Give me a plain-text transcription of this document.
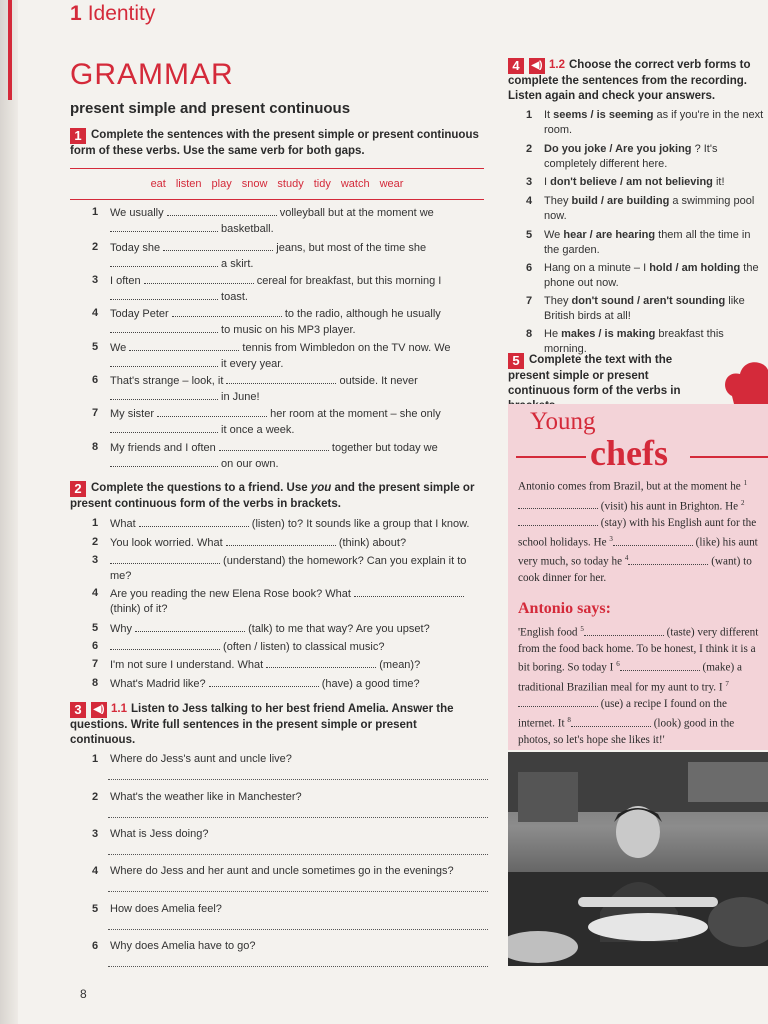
1 Identity
GRAMMAR
present simple and present continuous
1 Complete the sentences with the present simple or present continuous form of these verbs. Use the same verb for both gaps.
eat listen play snow study tidy watch wear
2 Complete the questions to a friend. Use you and the present simple or present continuous form of the verbs in brackets.
3 ◀) 1.1 Listen to Jess talking to her best friend Amelia. Answer the questions. Write full sentences in the present simple or present continuous.
4 ◀) 1.2 Choose the correct verb forms to complete the sentences from the recording. Listen again and check your answers.
5 Complete the text with the present simple or present continuous form of the verbs in
Young
chefs
Antonio comes from Brazil, but at the moment he $^1$ (visit) his aunt in Brighton. He $^2$ (stay) with his English aunt for the school holidays. He $^3$	(like) his aunt very much, so today he $^4$	(want) to cook dinner for her.
Antonio says:
'English food $^5$	(taste) very different from the food back home. To be honest, I think it is a bit boring. So today I $^6$	(make) a traditional Brazilian meal for my aunt to try. I $^7$ (use) a recipe I found on the internet. It $^8$	(look) good in the photos, so let's hope she likes it!'
8
1 We usually	volleyball but at the moment we  basketball.
2 Today she	jeans, but most of the time she  a skirt.
3 I often	cereal for breakfast, but this morning I  toast.
4 Today Peter	to the radio, although he usually  to music on his MP3 player.
5 We	tennis from Wimbledon on the TV now. We  it every year.
6 That's strange – look, it	outside. It never  in June!
7 My sister	her room at the moment – she only  it once a week.
8 My friends and I often	together but today we  on our own.
1 What	(listen) to? It sounds like a group that I know.
2 You look worried. What	(think) about?
3	(understand) the homework? Can you explain it to me?
4 Are you reading the new Elena Rose book? What  (think) of it?
5 Why	(talk) to me that way? Are you upset?
6	(often / listen) to classical music?
7 I'm not sure I understand. What	(mean)?
8 What's Madrid like?	(have) a good time?
1 Where do Jess's aunt and uncle live?
2 What's the weather like in Manchester?
3 What is Jess doing?
4 Where do Jess and her aunt and uncle sometimes go in the evenings?
5 How does Amelia feel?
6 Why does Amelia have to go?
1 It seems / is seeming as if you're in the next room.
2 Do you joke / Are you joking ? It's completely different here.
3 I don't believe / am not believing it!
4 They build / are building a swimming pool now.
5 We hear / are hearing them all the time in the garden.
6 Hang on a minute – I hold / am holding the phone out now.
7 They don't sound / aren't sounding like British birds at all!
8 He makes / is making breakfast this morning.
